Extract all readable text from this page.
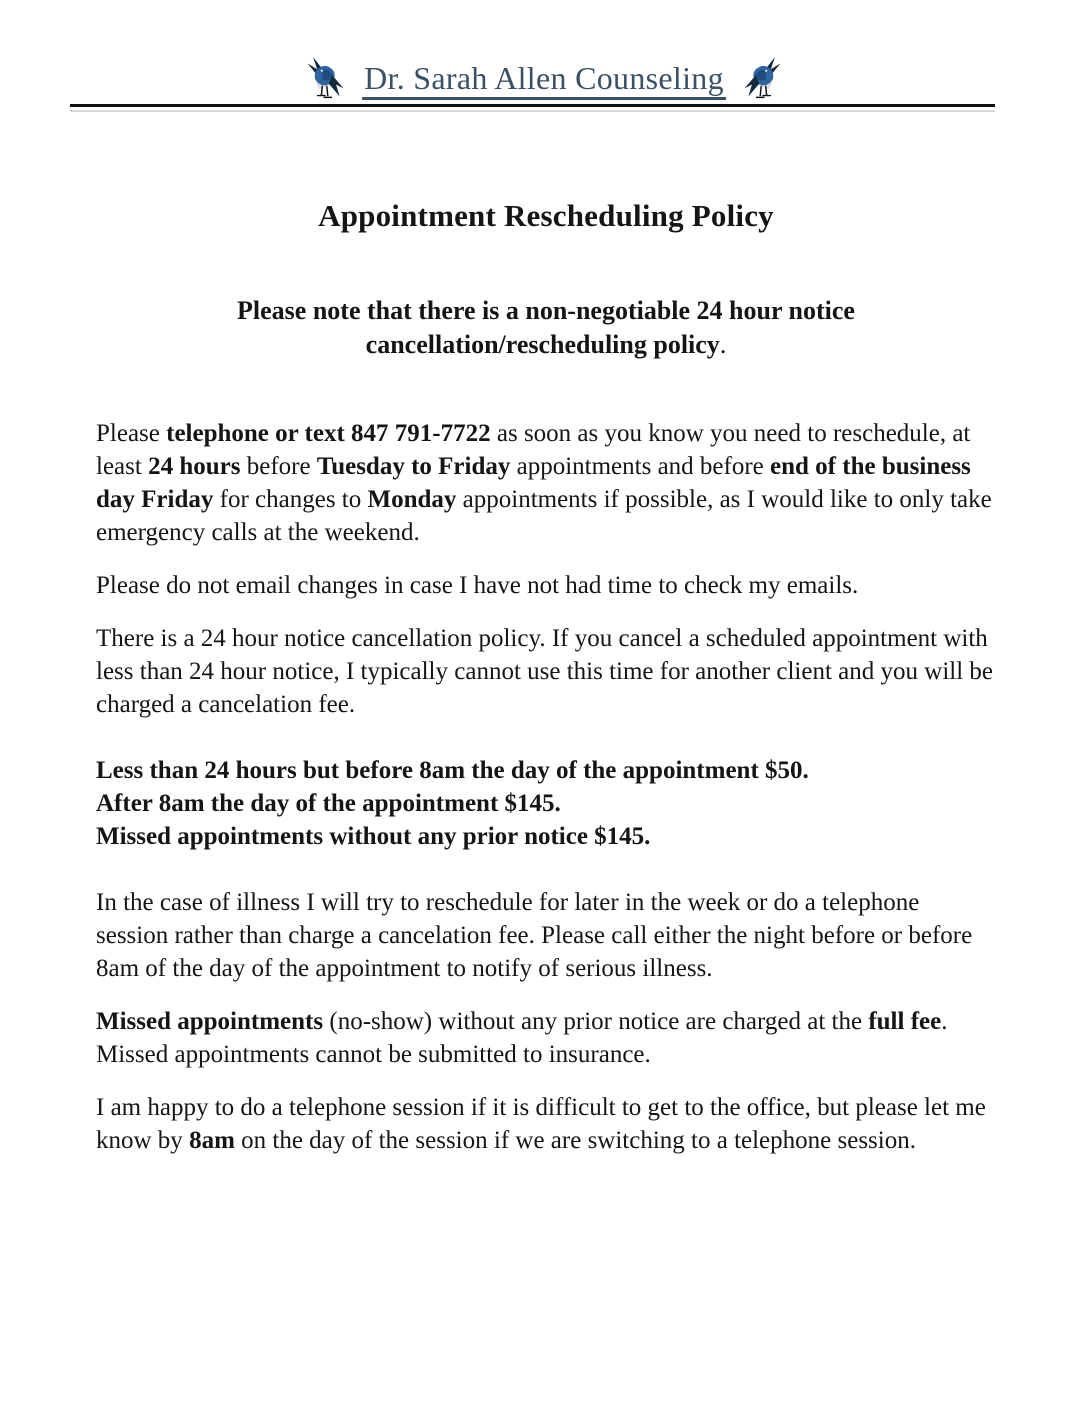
Dr. Sarah Allen Counseling
Appointment Rescheduling Policy

Please note that there is a non-negotiable 24 hour notice
cancellation/rescheduling policy.

Please telephone or text 847 791-7722 as soon as you know you need to reschedule, at least 24 hours before Tuesday to Friday appointments and before end of the business day Friday for changes to Monday appointments if possible, as I would like to only take emergency calls at the weekend.

Please do not email changes in case I have not had time to check my emails.

There is a 24 hour notice cancellation policy. If you cancel a scheduled appointment with less than 24 hour notice, I typically cannot use this time for another client and you will be charged a cancelation fee.

Less than 24 hours but before 8am the day of the appointment $50.
After 8am the day of the appointment $145.
Missed appointments without any prior notice $145.

In the case of illness I will try to reschedule for later in the week or do a telephone session rather than charge a cancelation fee. Please call either the night before or before 8am of the day of the appointment to notify of serious illness.

Missed appointments (no-show) without any prior notice are charged at the full fee. Missed appointments cannot be submitted to insurance.

I am happy to do a telephone session if it is difficult to get to the office, but please let me know by 8am on the day of the session if we are switching to a telephone session.
